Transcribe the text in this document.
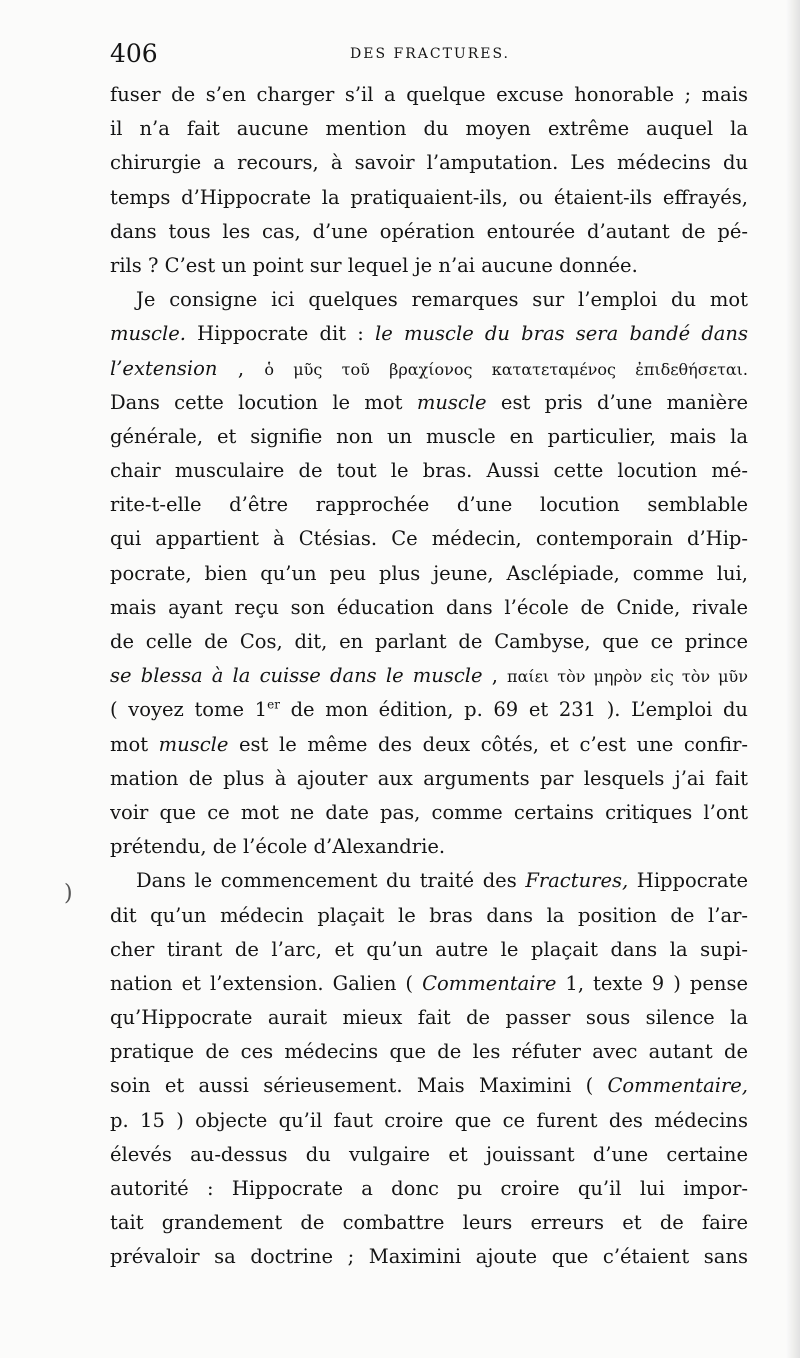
406	DES FRACTURES.
fuser de s’en charger s’il a quelque excuse honorable ; mais
il n’a fait aucune mention du moyen extrême auquel la
chirurgie a recours, à savoir l’amputation. Les médecins du
temps d’Hippocrate la pratiquaient-ils, ou étaient-ils effrayés,
dans tous les cas, d’une opération entourée d’autant de pé-
rils ? C’est un point sur lequel je n’ai aucune donnée.
Je consigne ici quelques remarques sur l’emploi du mot
muscle. Hippocrate dit : le muscle du bras sera bandé dans
l’extension , ὁ μῦς τοῦ βραχίονος κατατεταμένος ἐπιδεθήσεται.
Dans cette locution le mot muscle est pris d’une manière
générale, et signifie non un muscle en particulier, mais la
chair musculaire de tout le bras. Aussi cette locution mé-
rite-t-elle d’être rapprochée d’une locution semblable
qui appartient à Ctésias. Ce médecin, contemporain d’Hip-
pocrate, bien qu’un peu plus jeune, Asclépiade, comme lui,
mais ayant reçu son éducation dans l’école de Cnide, rivale
de celle de Cos, dit, en parlant de Cambyse, que ce prince
se blessa à la cuisse dans le muscle , παίει τὸν μηρὸν εἰς τὸν μῦν
( voyez tome 1er de mon édition, p. 69 et 231 ). L’emploi du
mot muscle est le même des deux côtés, et c’est une confir-
mation de plus à ajouter aux arguments par lesquels j’ai fait
voir que ce mot ne date pas, comme certains critiques l’ont
prétendu, de l’école d’Alexandrie.
Dans le commencement du traité des Fractures, Hippocrate
dit qu’un médecin plaçait le bras dans la position de l’ar-
cher tirant de l’arc, et qu’un autre le plaçait dans la supi-
nation et l’extension. Galien ( Commentaire 1, texte 9 ) pense
qu’Hippocrate aurait mieux fait de passer sous silence la
pratique de ces médecins que de les réfuter avec autant de
soin et aussi sérieusement. Mais Maximini ( Commentaire,
p. 15 ) objecte qu’il faut croire que ce furent des médecins
élevés au-dessus du vulgaire et jouissant d’une certaine
autorité : Hippocrate a donc pu croire qu’il lui impor-
tait grandement de combattre leurs erreurs et de faire
prévaloir sa doctrine ; Maximini ajoute que c’étaient sans
)
